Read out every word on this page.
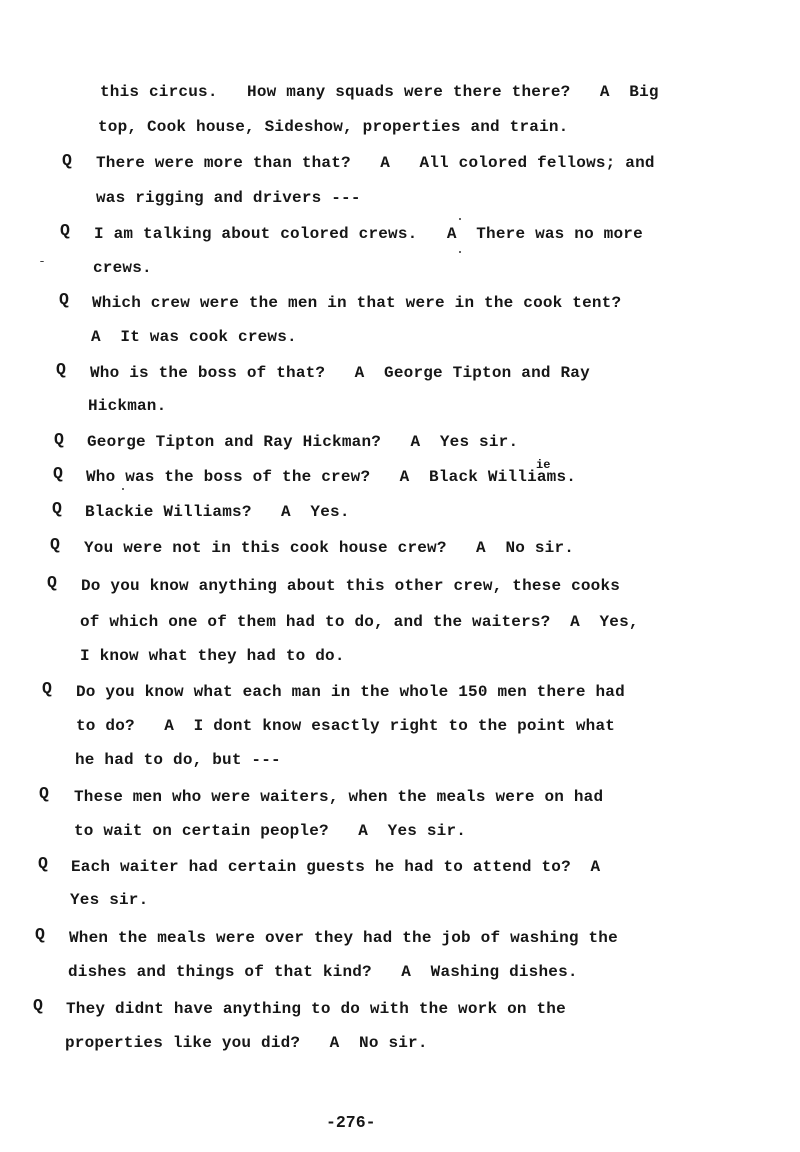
this circus.   How many squads were there there?   A  Big
top, Cook house, Sideshow, properties and train.
Q There were more than that?   A   All colored fellows; and
was rigging and drivers ---
Q I am talking about colored crews.   A  There was no more
crews.
Q Which crew were the men in that were in the cook tent?
A  It was cook crews.
Q Who is the boss of that?   A  George Tipton and Ray
Hickman.
Q George Tipton and Ray Hickman?   A  Yes sir.
Q Who was the boss of the crew?   A  Black Williams.
ie
Q Blackie Williams?   A  Yes.
Q You were not in this cook house crew?   A  No sir.
Q Do you know anything about this other crew, these cooks
of which one of them had to do, and the waiters?  A  Yes,
I know what they had to do.
Q Do you know what each man in the whole 150 men there had
to do?   A  I dont know esactly right to the point what
he had to do, but ---
Q These men who were waiters, when the meals were on had
to wait on certain people?   A  Yes sir.
Q Each waiter had certain guests he had to attend to?  A
Yes sir.
Q When the meals were over they had the job of washing the
dishes and things of that kind?   A  Washing dishes.
Q They didnt have anything to do with the work on the
properties like you did?   A  No sir.
-276-
